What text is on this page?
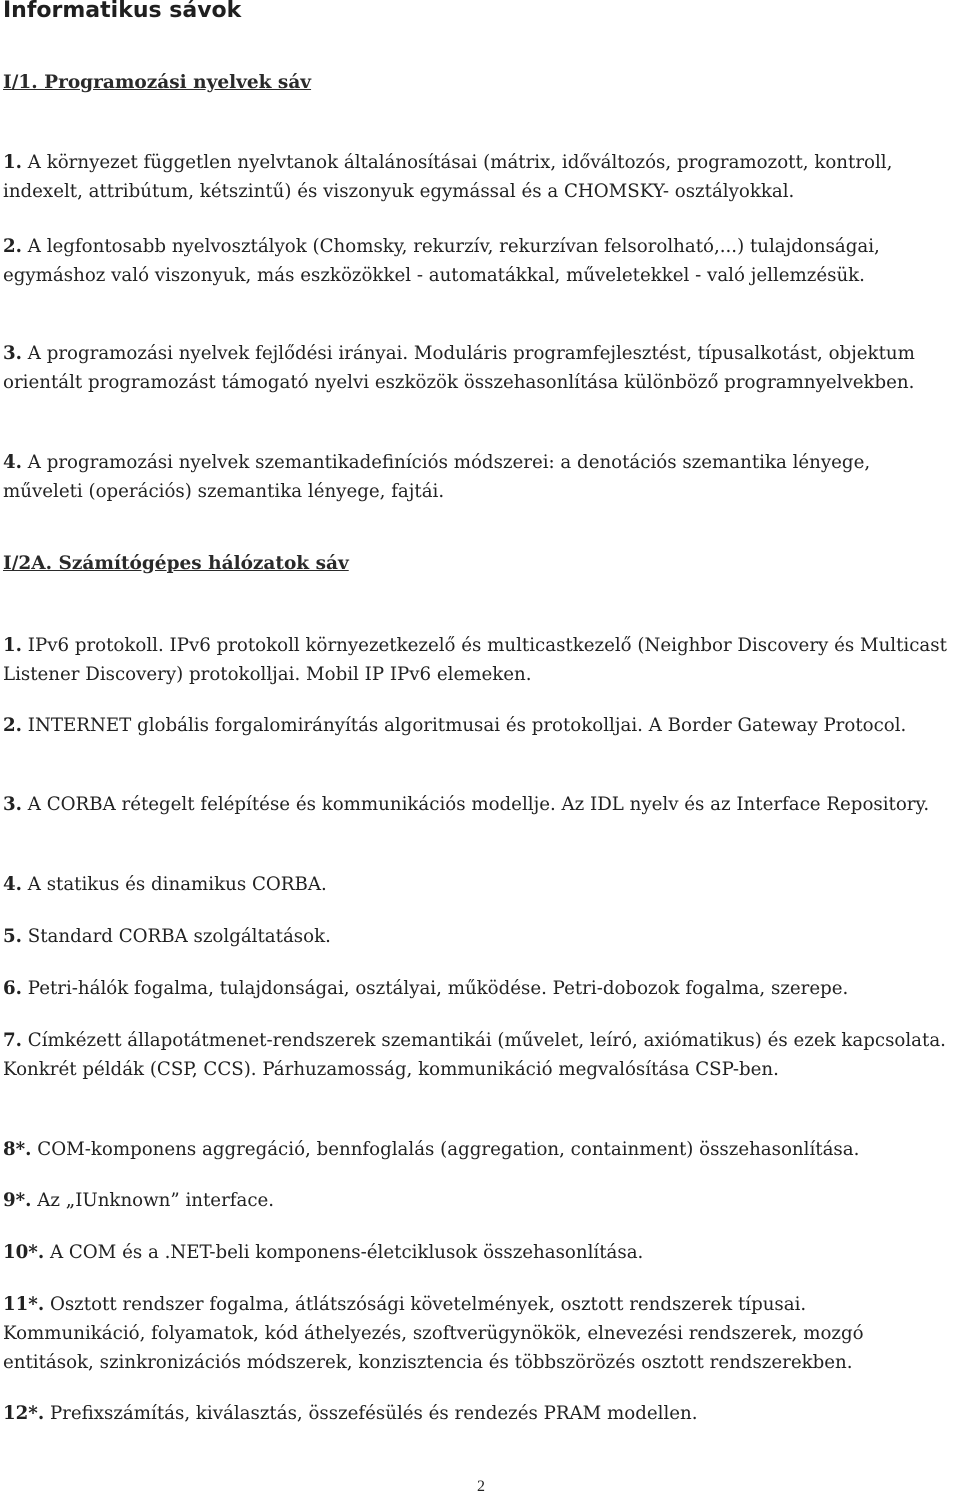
Informatikus sávok
I/1. Programozási nyelvek sáv

1. A környezet független nyelvtanok általánosításai (mátrix, időváltozós, programozott, kontroll, indexelt, attribútum, kétszintű) és viszonyuk egymással és a CHOMSKY- osztályokkal.

2. A legfontosabb nyelvosztályok (Chomsky, rekurzív, rekurzívan felsorolható,...) tulajdonságai, egymáshoz való viszonyuk, más eszközökkel - automatákkal, műveletekkel - való jellemzésük.

3. A programozási nyelvek fejlődési irányai. Moduláris programfejlesztést, típusalkotást, objektum orientált programozást támogató nyelvi eszközök összehasonlítása különböző programnyelvekben.

4. A programozási nyelvek szemantikadefiníciós módszerei: a denotációs szemantika lényege, műveleti (operációs) szemantika lényege, fajtái.

I/2A. Számítógépes hálózatok sáv

1. IPv6 protokoll. IPv6 protokoll környezetkezelő és multicastkezelő (Neighbor Discovery és Multicast Listener Discovery) protokolljai. Mobil IP IPv6 elemeken.

2. INTERNET globális forgalomirányítás algoritmusai és protokolljai. A Border Gateway Protocol.

3. A CORBA rétegelt felépítése és kommunikációs modellje. Az IDL nyelv és az Interface Repository.

4. A statikus és dinamikus CORBA.

5. Standard CORBA szolgáltatások.

6. Petri-hálók fogalma, tulajdonságai, osztályai, működése. Petri-dobozok fogalma, szerepe.

7. Címkézett állapotátmenet-rendszerek szemantikái (művelet, leíró, axiómatikus) és ezek kapcsolata. Konkrét példák (CSP, CCS). Párhuzamosság, kommunikáció megvalósítása CSP-ben.

8*. COM-komponens aggregáció, bennfoglalás (aggregation, containment) összehasonlítása.

9*. Az „IUnknown” interface.

10*. A COM és a .NET-beli komponens-életciklusok összehasonlítása.

11*. Osztott rendszer fogalma, átlátszósági követelmények, osztott rendszerek típusai. Kommunikáció, folyamatok, kód áthelyezés, szoftverügynökök, elnevezési rendszerek, mozgó entitások, szinkronizációs módszerek, konzisztencia és többszörözés osztott rendszerekben.

12*. Prefixszámítás, kiválasztás, összefésülés és rendezés PRAM modellen.

2
